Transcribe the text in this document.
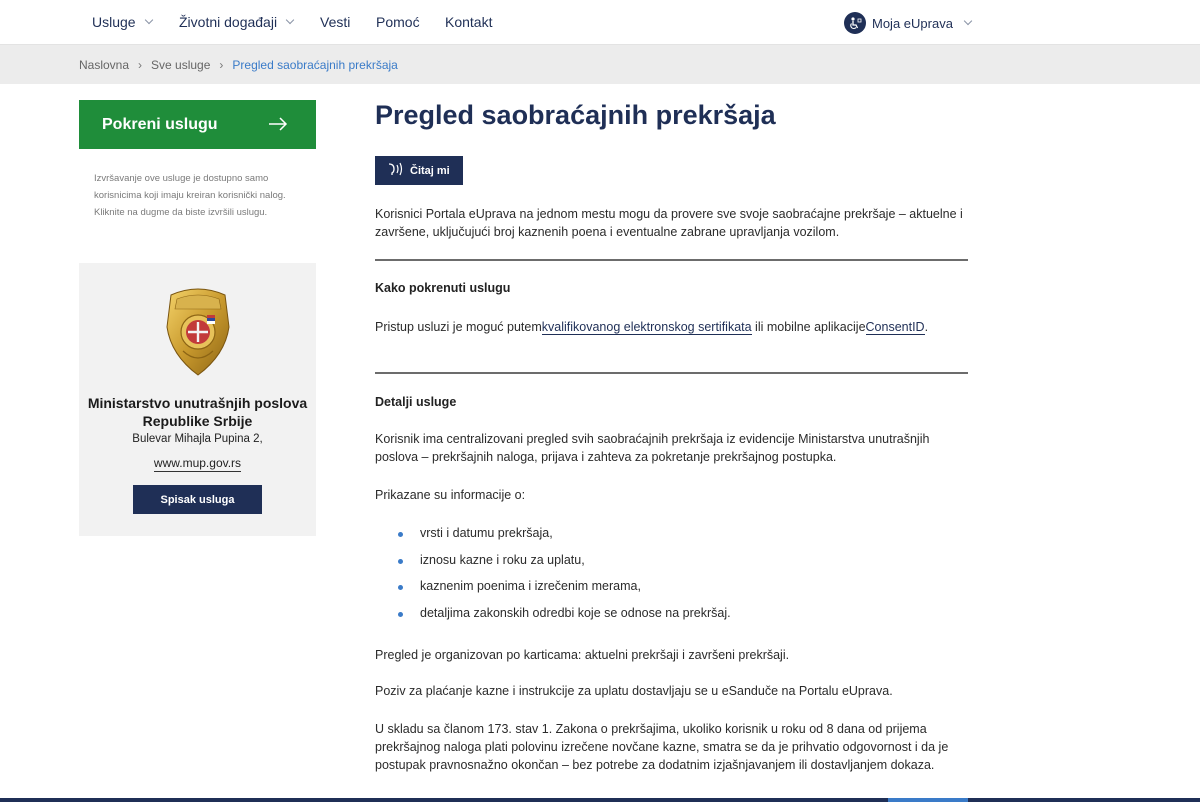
Usluge	Životni događaji	Vesti Pomoć Kontakt	Moja eUprava
Naslovna › Sve usluge › Pregled saobraćajnih prekršaja
Pokreni uslugu
Izvršavanje ove usluge je dostupno samo korisnicima koji imaju kreiran korisnički nalog. Kliknite na dugme da biste izvršili uslugu.
Ministarstvo unutrašnjih poslova Republike Srbije
Bulevar Mihajla Pupina 2,
www.mup.gov.rs
Spisak usluga
Pregled saobraćajnih prekršaja
Čitaj mi
Korisnici Portala eUprava na jednom mestu mogu da provere sve svoje saobraćajne prekršaje – aktuelne i završene, uključujući broj kaznenih poena i eventualne zabrane upravljanja vozilom.
Kako pokrenuti uslugu
Pristup usluzi je moguć putemkvalifikovanog elektronskog sertifikata ili mobilne aplikacijeConsentID.
Detalji usluge
Korisnik ima centralizovani pregled svih saobraćajnih prekršaja iz evidencije Ministarstva unutrašnjih poslova – prekršajnih naloga, prijava i zahteva za pokretanje prekršajnog postupka.
Prikazane su informacije o:
vrsti i datumu prekršaja,
iznosu kazne i roku za uplatu,
kaznenim poenima i izrečenim merama,
detaljima zakonskih odredbi koje se odnose na prekršaj.
Pregled je organizovan po karticama: aktuelni prekršaji i završeni prekršaji.
Poziv za plaćanje kazne i instrukcije za uplatu dostavljaju se u eSandučе na Portalu eUprava.
U skladu sa članom 173. stav 1. Zakona o prekršajima, ukoliko korisnik u roku od 8 dana od prijema prekršajnog naloga plati polovinu izrečene novčane kazne, smatra se da je prihvatio odgovornost i da je postupak pravnosnažno okončan – bez potrebe za dodatnim izjašnjavanjem ili dostavljanjem dokaza.
